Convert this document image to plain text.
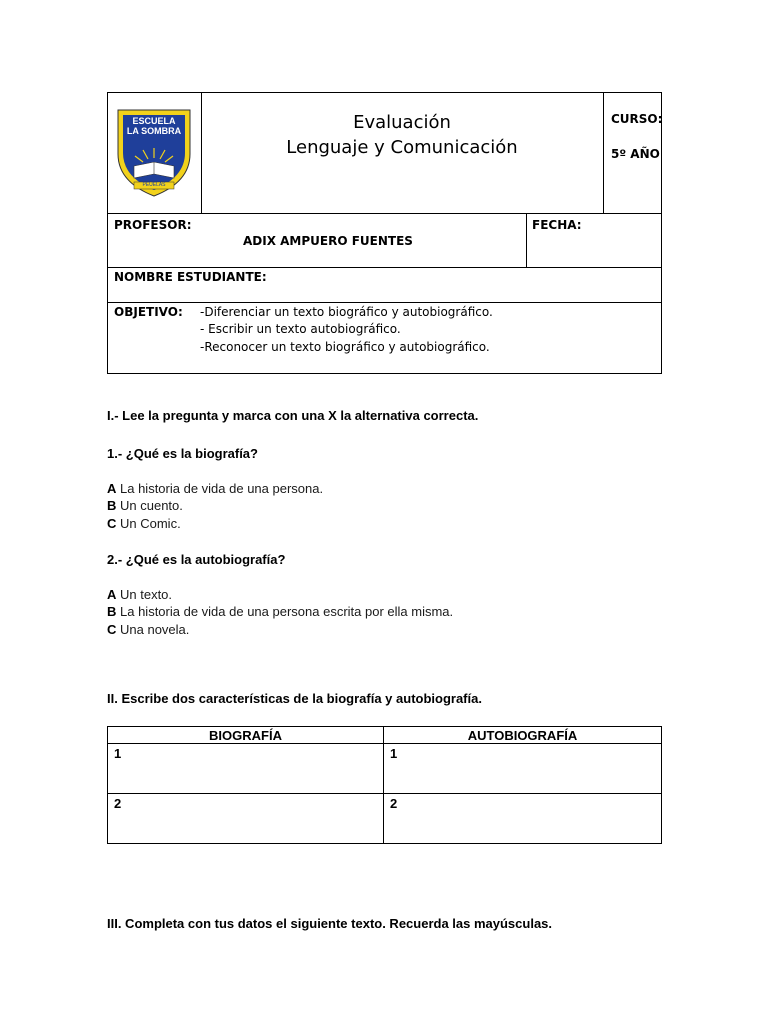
ESCUELA
LA SOMBRA
PEUELAS
Evaluación
Lenguaje y Comunicación
CURSO:
5º AÑO
PROFESOR:
ADIX AMPUERO FUENTES
FECHA:
NOMBRE ESTUDIANTE:
OBJETIVO: -Diferenciar un texto biográfico y autobiográfico.
- Escribir un texto autobiográfico.
-Reconocer un texto biográfico y autobiográfico.
I.- Lee la pregunta y marca con una X la alternativa correcta.
1.- ¿Qué es la biografía?
A La historia de vida de una persona.
B Un cuento.
C Un Comic.
2.- ¿Qué es la autobiografía?
A Un texto.
B La historia de vida de una persona escrita por ella misma.
C Una novela.
II. Escribe dos características de la biografía y autobiografía.
BIOGRAFÍA	AUTOBIOGRAFÍA
1	1
2	2
III. Completa con tus datos el siguiente texto. Recuerda las mayúsculas.
